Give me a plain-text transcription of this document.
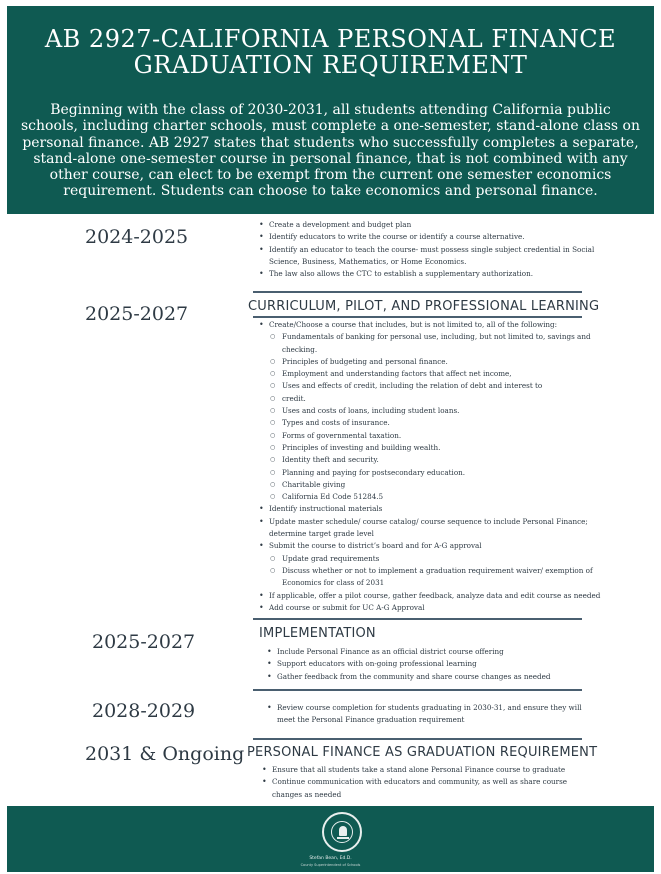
AB 2927-CALIFORNIA PERSONAL FINANCE
GRADUATION REQUIREMENT
Beginning with the class of 2030-2031, all students attending California public schools, including charter schools, must complete a one-semester, stand-alone class on personal finance. AB 2927 states that students who successfully completes a separate, stand-alone one-semester course in personal finance, that is not combined with any other course, can elect to be exempt from the current one semester economics requirement. Students can choose to take economics and personal finance.
2024-2025
• Create a development and budget plan
• Identify educators to write the course or identify a course alternative.
• Identify an educator to teach the course- must possess single subject credential in Social Science, Business, Mathematics, or Home Economics.
• The law also allows the CTC to establish a supplementary authorization.
2025-2027	CURRICULUM, PILOT, AND PROFESSIONAL LEARNING
• Create/Choose a course that includes, but is not limited to, all of the following:
○ Fundamentals of banking for personal use, including, but not limited to, savings and checking.
○ Principles of budgeting and personal finance.
○ Employment and understanding factors that affect net income,
○ Uses and effects of credit, including the relation of debt and interest to
○ credit.
○ Uses and costs of loans, including student loans.
○ Types and costs of insurance.
○ Forms of governmental taxation.
○ Principles of investing and building wealth.
○ Identity theft and security.
○ Planning and paying for postsecondary education.
○ Charitable giving
○ California Ed Code 51284.5
• Identify instructional materials
• Update master schedule/ course catalog/ course sequence to include Personal Finance; determine target grade level
• Submit the course to district’s board and for A-G approval
○ Update grad requirements
○ Discuss whether or not to implement a graduation requirement waiver/ exemption of Economics for class of 2031
• If applicable, offer a pilot course, gather feedback, analyze data and edit course as needed
• Add course or submit for UC A-G Approval
2025-2027	IMPLEMENTATION
• Include Personal Finance as an official district course offering
• Support educators with on-going professional learning
• Gather feedback from the community and share course changes as needed
2028-2029
•	Review course completion for students graduating in 2030-31, and ensure they will meet the Personal Finance graduation requirement
2031 & Ongoing PERSONAL FINANCE AS GRADUATION REQUIREMENT
• Ensure that all students take a stand alone Personal Finance course to graduate
• Continue communication with educators and community, as well as share course changes as needed
Stefan Bean, Ed.D.
County Superintendent of Schools
